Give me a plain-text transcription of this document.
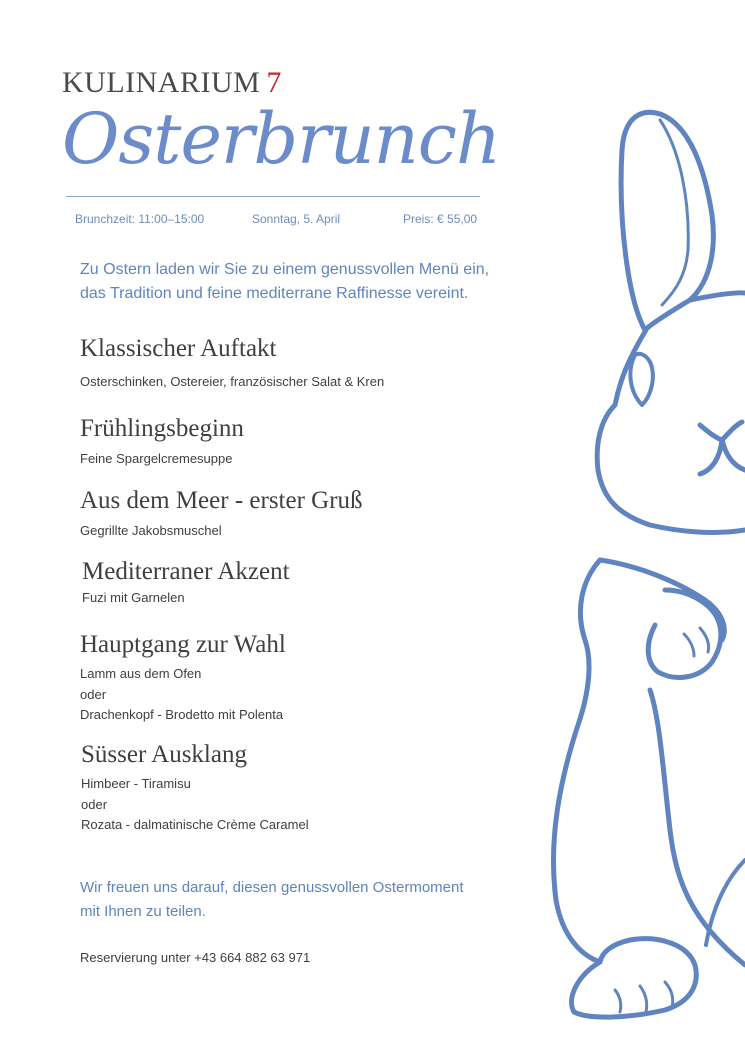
KULINARIUM 7
Osterbrunch
Brunchzeit: 11:00–15:00	Sonntag, 5. April	Preis: € 55,00
Zu Ostern laden wir Sie zu einem genussvollen Menü ein,
das Tradition und feine mediterrane Raffinesse vereint.
Klassischer Auftakt
Osterschinken, Ostereier, französischer Salat & Kren
Frühlingsbeginn
Feine Spargelcremesuppe
Aus dem Meer - erster Gruß
Gegrillte Jakobsmuschel
Mediterraner Akzent
Fuzi mit Garnelen
Hauptgang zur Wahl
Lamm aus dem Ofen
oder
Drachenkopf - Brodetto mit Polenta
Süsser Ausklang
Himbeer - Tiramisu
oder
Rozata - dalmatinische Crème Caramel
Wir freuen uns darauf, diesen genussvollen Ostermoment
mit Ihnen zu teilen.
Reservierung unter +43 664 882 63 971
